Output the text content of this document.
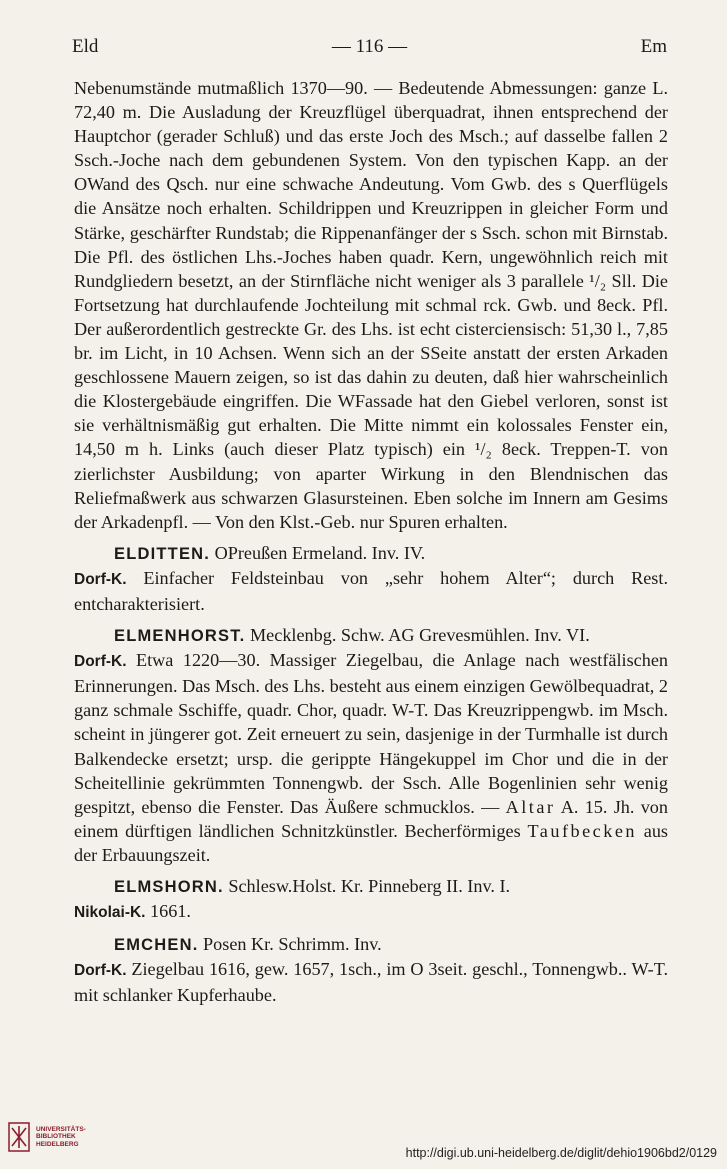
Eld	— 116 —	Em

Nebenumstände mutmaßlich 1370—90. — Bedeutende Abmessungen: ganze L. 72,40 m. Die Ausladung der Kreuzflügel überquadrat, ihnen entsprechend der Hauptchor (gerader Schluß) und das erste Joch des Msch.; auf dasselbe fallen 2 Ssch.-Joche nach dem gebundenen System. Von den typischen Kapp. an der OWand des Qsch. nur eine schwache Andeutung. Vom Gwb. des s Querflügels die Ansätze noch erhalten. Schildrippen und Kreuzrippen in gleicher Form und Stärke, geschärfter Rundstab; die Rippenanfänger der s Ssch. schon mit Birnstab. Die Pfl. des östlichen Lhs.-Joches haben quadr. Kern, ungewöhnlich reich mit Rundgliedern besetzt, an der Stirnfläche nicht weniger als 3 parallele ¹/₂ Sll. Die Fortsetzung hat durchlaufende Jochteilung mit schmal rck. Gwb. und 8eck. Pfl. Der außerordentlich gestreckte Gr. des Lhs. ist echt cisterciensisch: 51,30 l., 7,85 br. im Licht, in 10 Achsen. Wenn sich an der SSeite anstatt der ersten Arkaden geschlossene Mauern zeigen, so ist das dahin zu deuten, daß hier wahrscheinlich die Klostergebäude eingriffen. Die WFassade hat den Giebel verloren, sonst ist sie verhältnismäßig gut erhalten. Die Mitte nimmt ein kolossales Fenster ein, 14,50 m h. Links (auch dieser Platz typisch) ein ¹/₂ 8eck. Treppen-T. von zierlichster Ausbildung; von aparter Wirkung in den Blendnischen das Reliefmaßwerk aus schwarzen Glasursteinen. Eben solche im Innern am Gesims der Arkadenpfl. — Von den Klst.-Geb. nur Spuren erhalten.

ELDITTEN. OPreußen Ermeland. Inv. IV.

Dorf-K. Einfacher Feldsteinbau von „sehr hohem Alter“; durch Rest. entcharakterisiert.

ELMENHORST. Mecklenbg. Schw. AG Grevesmühlen. Inv. VI.

Dorf-K. Etwa 1220—30. Massiger Ziegelbau, die Anlage nach westfälischen Erinnerungen. Das Msch. des Lhs. besteht aus einem einzigen Gewölbequadrat, 2 ganz schmale Sschiffe, quadr. Chor, quadr. W-T. Das Kreuzrippengwb. im Msch. scheint in jüngerer got. Zeit erneuert zu sein, dasjenige in der Turmhalle ist durch Balkendecke ersetzt; ursp. die gerippte Hängekuppel im Chor und die in der Scheitellinie gekrümmten Tonnengwb. der Ssch. Alle Bogenlinien sehr wenig gespitzt, ebenso die Fenster. Das Äußere schmucklos. — Altar A. 15. Jh. von einem dürftigen ländlichen Schnitzkünstler. Becherförmiges Taufbecken aus der Erbauungszeit.

ELMSHORN. Schlesw.Holst. Kr. Pinneberg II. Inv. I.

Nikolai-K. 1661.

EMCHEN. Posen Kr. Schrimm. Inv.

Dorf-K. Ziegelbau 1616, gew. 1657, 1sch., im O 3seit. geschl., Tonnengwb.. W-T. mit schlanker Kupferhaube.

UNIVERSITÄTS-
BIBLIOTHEK
HEIDELBERG
http://digi.ub.uni-heidelberg.de/diglit/dehio1906bd2/0129
